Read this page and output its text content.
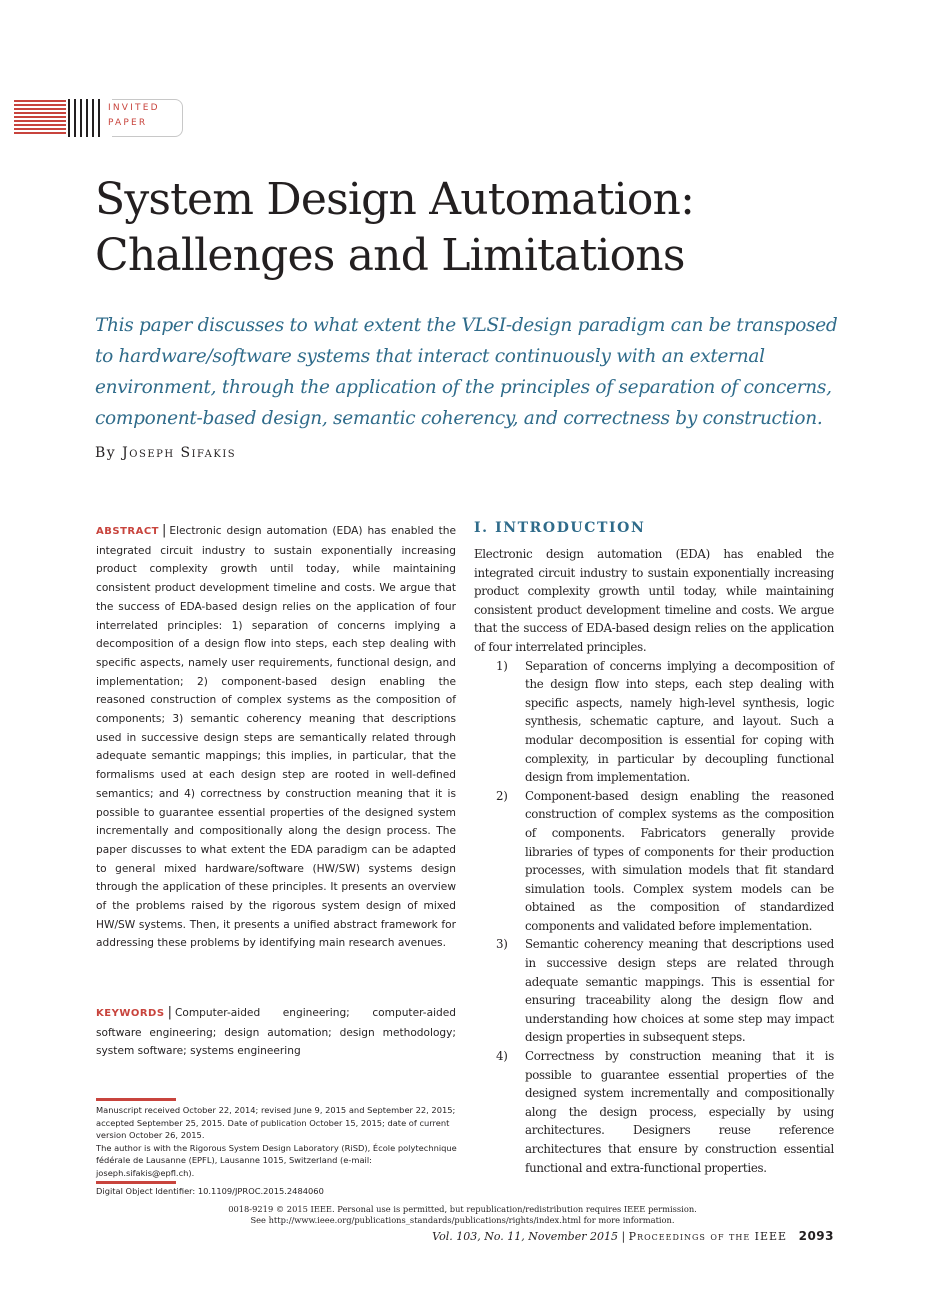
INVITED
PAPER
System Design Automation:
Challenges and Limitations

This paper discusses to what extent the VLSI-design paradigm can be transposed to hardware/software systems that interact continuously with an external environment, through the application of the principles of separation of concerns, component-based design, semantic coherency, and correctness by construction.

By Joseph Sifakis

ABSTRACT | Electronic design automation (EDA) has enabled the integrated circuit industry to sustain exponentially increasing product complexity growth until today, while maintaining consistent product development timeline and costs. We argue that the success of EDA-based design relies on the application of four interrelated principles: 1) separation of concerns implying a decomposition of a design flow into steps, each step dealing with specific aspects, namely user requirements, functional design, and implementation; 2) component-based design enabling the reasoned construction of complex systems as the composition of components; 3) semantic coherency meaning that descriptions used in successive design steps are semantically related through adequate semantic mappings; this implies, in particular, that the formalisms used at each design step are rooted in well-defined semantics; and 4) correctness by construction meaning that it is possible to guarantee essential properties of the designed system incrementally and compositionally along the design process. The paper discusses to what extent the EDA paradigm can be adapted to general mixed hardware/software (HW/SW) systems design through the application of these principles. It presents an overview of the problems raised by the rigorous system design of mixed HW/SW systems. Then, it presents a unified abstract framework for addressing these problems by identifying main research avenues.

KEYWORDS | Computer-aided engineering; computer-aided software engineering; design automation; design methodology; system software; systems engineering

Manuscript received October 22, 2014; revised June 9, 2015 and September 22, 2015; accepted September 25, 2015. Date of publication October 15, 2015; date of current version October 26, 2015.

The author is with the Rigorous System Design Laboratory (RiSD), École polytechnique fédérale de Lausanne (EPFL), Lausanne 1015, Switzerland (e-mail: joseph.sifakis@epfl.ch).

Digital Object Identifier: 10.1109/JPROC.2015.2484060
I. INTRODUCTION

Electronic design automation (EDA) has enabled the integrated circuit industry to sustain exponentially increasing product complexity growth until today, while maintaining consistent product development timeline and costs. We argue that the success of EDA-based design relies on the application of four interrelated principles.

1) Separation of concerns implying a decomposition of the design flow into steps, each step dealing with specific aspects, namely high-level synthesis, logic synthesis, schematic capture, and layout. Such a modular decomposition is essential for coping with complexity, in particular by decoupling functional design from implementation.
2) Component-based design enabling the reasoned construction of complex systems as the composition of components. Fabricators generally provide libraries of types of components for their production processes, with simulation models that fit standard simulation tools. Complex system models can be obtained as the composition of standardized components and validated before implementation.
3) Semantic coherency meaning that descriptions used in successive design steps are related through adequate semantic mappings. This is essential for ensuring traceability along the design flow and understanding how choices at some step may impact design properties in subsequent steps.
4) Correctness by construction meaning that it is possible to guarantee essential properties of the designed system incrementally and compositionally along the design process, especially by using architectures. Designers reuse reference architectures that ensure by construction essential functional and extra-functional properties.

0018-9219 © 2015 IEEE. Personal use is permitted, but republication/redistribution requires IEEE permission.

See http://www.ieee.org/publications_standards/publications/rights/index.html for more information.

Vol. 103, No. 11, November 2015 | Proceedings of the IEEE 2093
